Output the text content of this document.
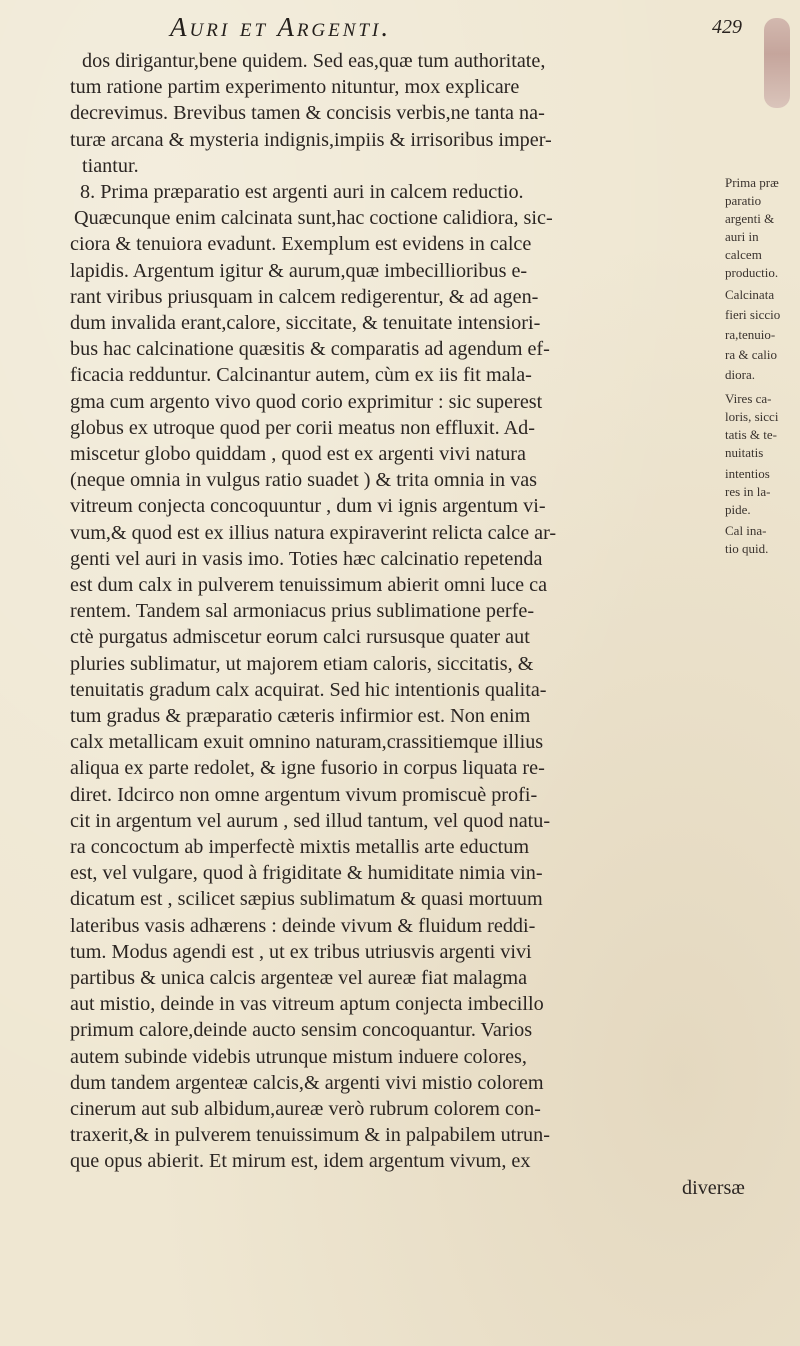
Auri et Argenti.	429
dos dirigantur,bene quidem. Sed eas,quæ tum authoritate,
tum ratione partim experimento nituntur, mox explicare
decrevimus. Brevibus tamen & concisis verbis,ne tanta na-
turæ arcana & mysteria indignis,impiis & irrisoribus imper-
tiantur.
8. Prima præparatio est argenti auri in calcem reductio.
Quæcunque enim calcinata sunt,hac coctione calidiora, sic-
ciora & tenuiora evadunt. Exemplum est evidens in calce
lapidis. Argentum igitur & aurum,quæ imbecillioribus e-
rant viribus priusquam in calcem redigerentur, & ad agen-
dum invalida erant,calore, siccitate, & tenuitate intensiori-
bus hac calcinatione quæsitis & comparatis ad agendum ef-
ficacia redduntur. Calcinantur autem, cùm ex iis fit mala-
gma cum argento vivo quod corio exprimitur : sic superest
globus ex utroque quod per corii meatus non effluxit. Ad-
miscetur globo quiddam , quod est ex argenti vivi natura
(neque omnia in vulgus ratio suadet ) & trita omnia in vas
vitreum conjecta concoquuntur , dum vi ignis argentum vi-
vum,& quod est ex illius natura expiraverint relicta calce ar-
genti vel auri in vasis imo. Toties hæc calcinatio repetenda
est dum calx in pulverem tenuissimum abierit omni luce ca
rentem. Tandem sal armoniacus prius sublimatione perfe-
ctè purgatus admiscetur eorum calci rursusque quater aut
pluries sublimatur, ut majorem etiam caloris, siccitatis, &
tenuitatis gradum calx acquirat. Sed hic intentionis qualita-
tum gradus & præparatio cæteris infirmior est. Non enim
calx metallicam exuit omnino naturam,crassitiemque illius
aliqua ex parte redolet, & igne fusorio in corpus liquata re-
diret. Idcirco non omne argentum vivum promiscuè profi-
cit in argentum vel aurum , sed illud tantum, vel quod natu-
ra concoctum ab imperfectè mixtis metallis arte eductum
est, vel vulgare, quod à frigiditate & humiditate nimia vin-
dicatum est , scilicet sæpius sublimatum & quasi mortuum
lateribus vasis adhærens : deinde vivum & fluidum reddi-
tum. Modus agendi est , ut ex tribus utriusvis argenti vivi
partibus & unica calcis argenteæ vel aureæ fiat malagma
aut mistio, deinde in vas vitreum aptum conjecta imbecillo
primum calore,deinde aucto sensim concoquantur. Varios
autem subinde videbis utrunque mistum induere colores,
dum tandem argenteæ calcis,& argenti vivi mistio colorem
cinerum aut sub albidum,aureæ verò rubrum colorem con-
traxerit,& in pulverem tenuissimum & in palpabilem utrun-
que opus abierit. Et mirum est, idem argentum vivum, ex
diversæ
Prima præ
paratio
argenti &
auri in
calcem
productio.
Calcinata
fieri siccio
ra,tenuio-
ra & calio
diora.
Vires ca-
loris, sicci
tatis & te-
nuitatis
intentios
res in la-
pide.
Cal ina-
tio quid.
